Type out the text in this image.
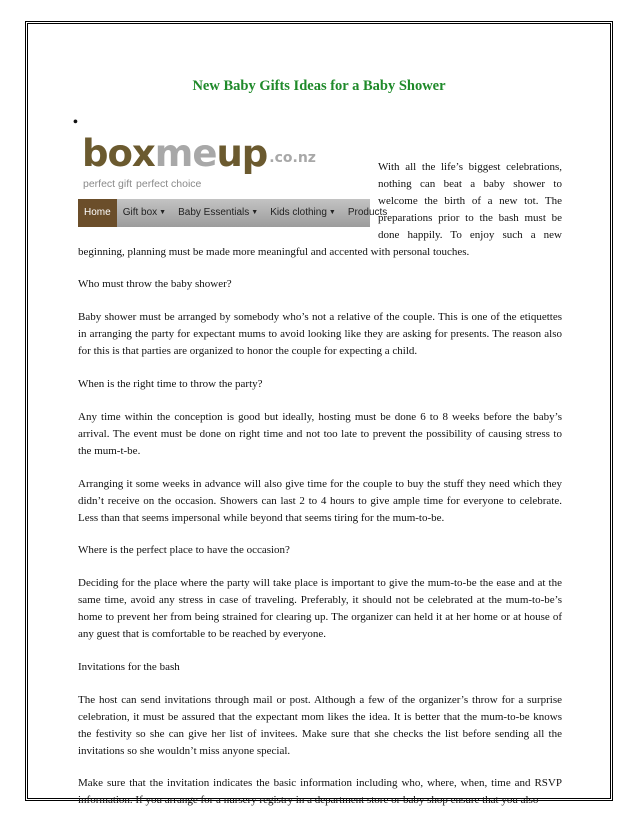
New Baby Gifts Ideas for a Baby Shower
•
boxmeup .co.nz
perfect gift perfect choice
Home	Gift box ▼	Baby Essentials ▼	Kids clothing ▼	Products

With all the life’s biggest celebrations, nothing can beat a baby shower to welcome the birth of a new tot. The preparations prior to the bash must be done happily. To enjoy such a new beginning, planning must be made more meaningful and accented with personal touches.

Who must throw the baby shower?

Baby shower must be arranged by somebody who’s not a relative of the couple. This is one of the etiquettes in arranging the party for expectant mums to avoid looking like they are asking for presents. The reason also for this is that parties are organized to honor the couple for expecting a child.

When is the right time to throw the party?

Any time within the conception is good but ideally, hosting must be done 6 to 8 weeks before the baby’s arrival. The event must be done on right time and not too late to prevent the possibility of causing stress to the mum-t-be.

Arranging it some weeks in advance will also give time for the couple to buy the stuff they need which they didn’t receive on the occasion. Showers can last 2 to 4 hours to give ample time for everyone to celebrate. Less than that seems impersonal while beyond that seems tiring for the mum-to-be.

Where is the perfect place to have the occasion?

Deciding for the place where the party will take place is important to give the mum-to-be the ease and at the same time, avoid any stress in case of traveling. Preferably, it should not be celebrated at the mum-to-be’s home to prevent her from being strained for clearing up. The organizer can held it at her home or at house of any guest that is comfortable to be reached by everyone.

Invitations for the bash

The host can send invitations through mail or post. Although a few of the organizer’s throw for a surprise celebration, it must be assured that the expectant mom likes the idea. It is better that the mum-to-be knows the festivity so she can give her list of invitees. Make sure that she checks the list before sending all the invitations so she wouldn’t miss anyone special.

Make sure that the invitation indicates the basic information including who, where, when, time and RSVP information. If you arrange for a nursery registry in a department store or baby shop ensure that you also
